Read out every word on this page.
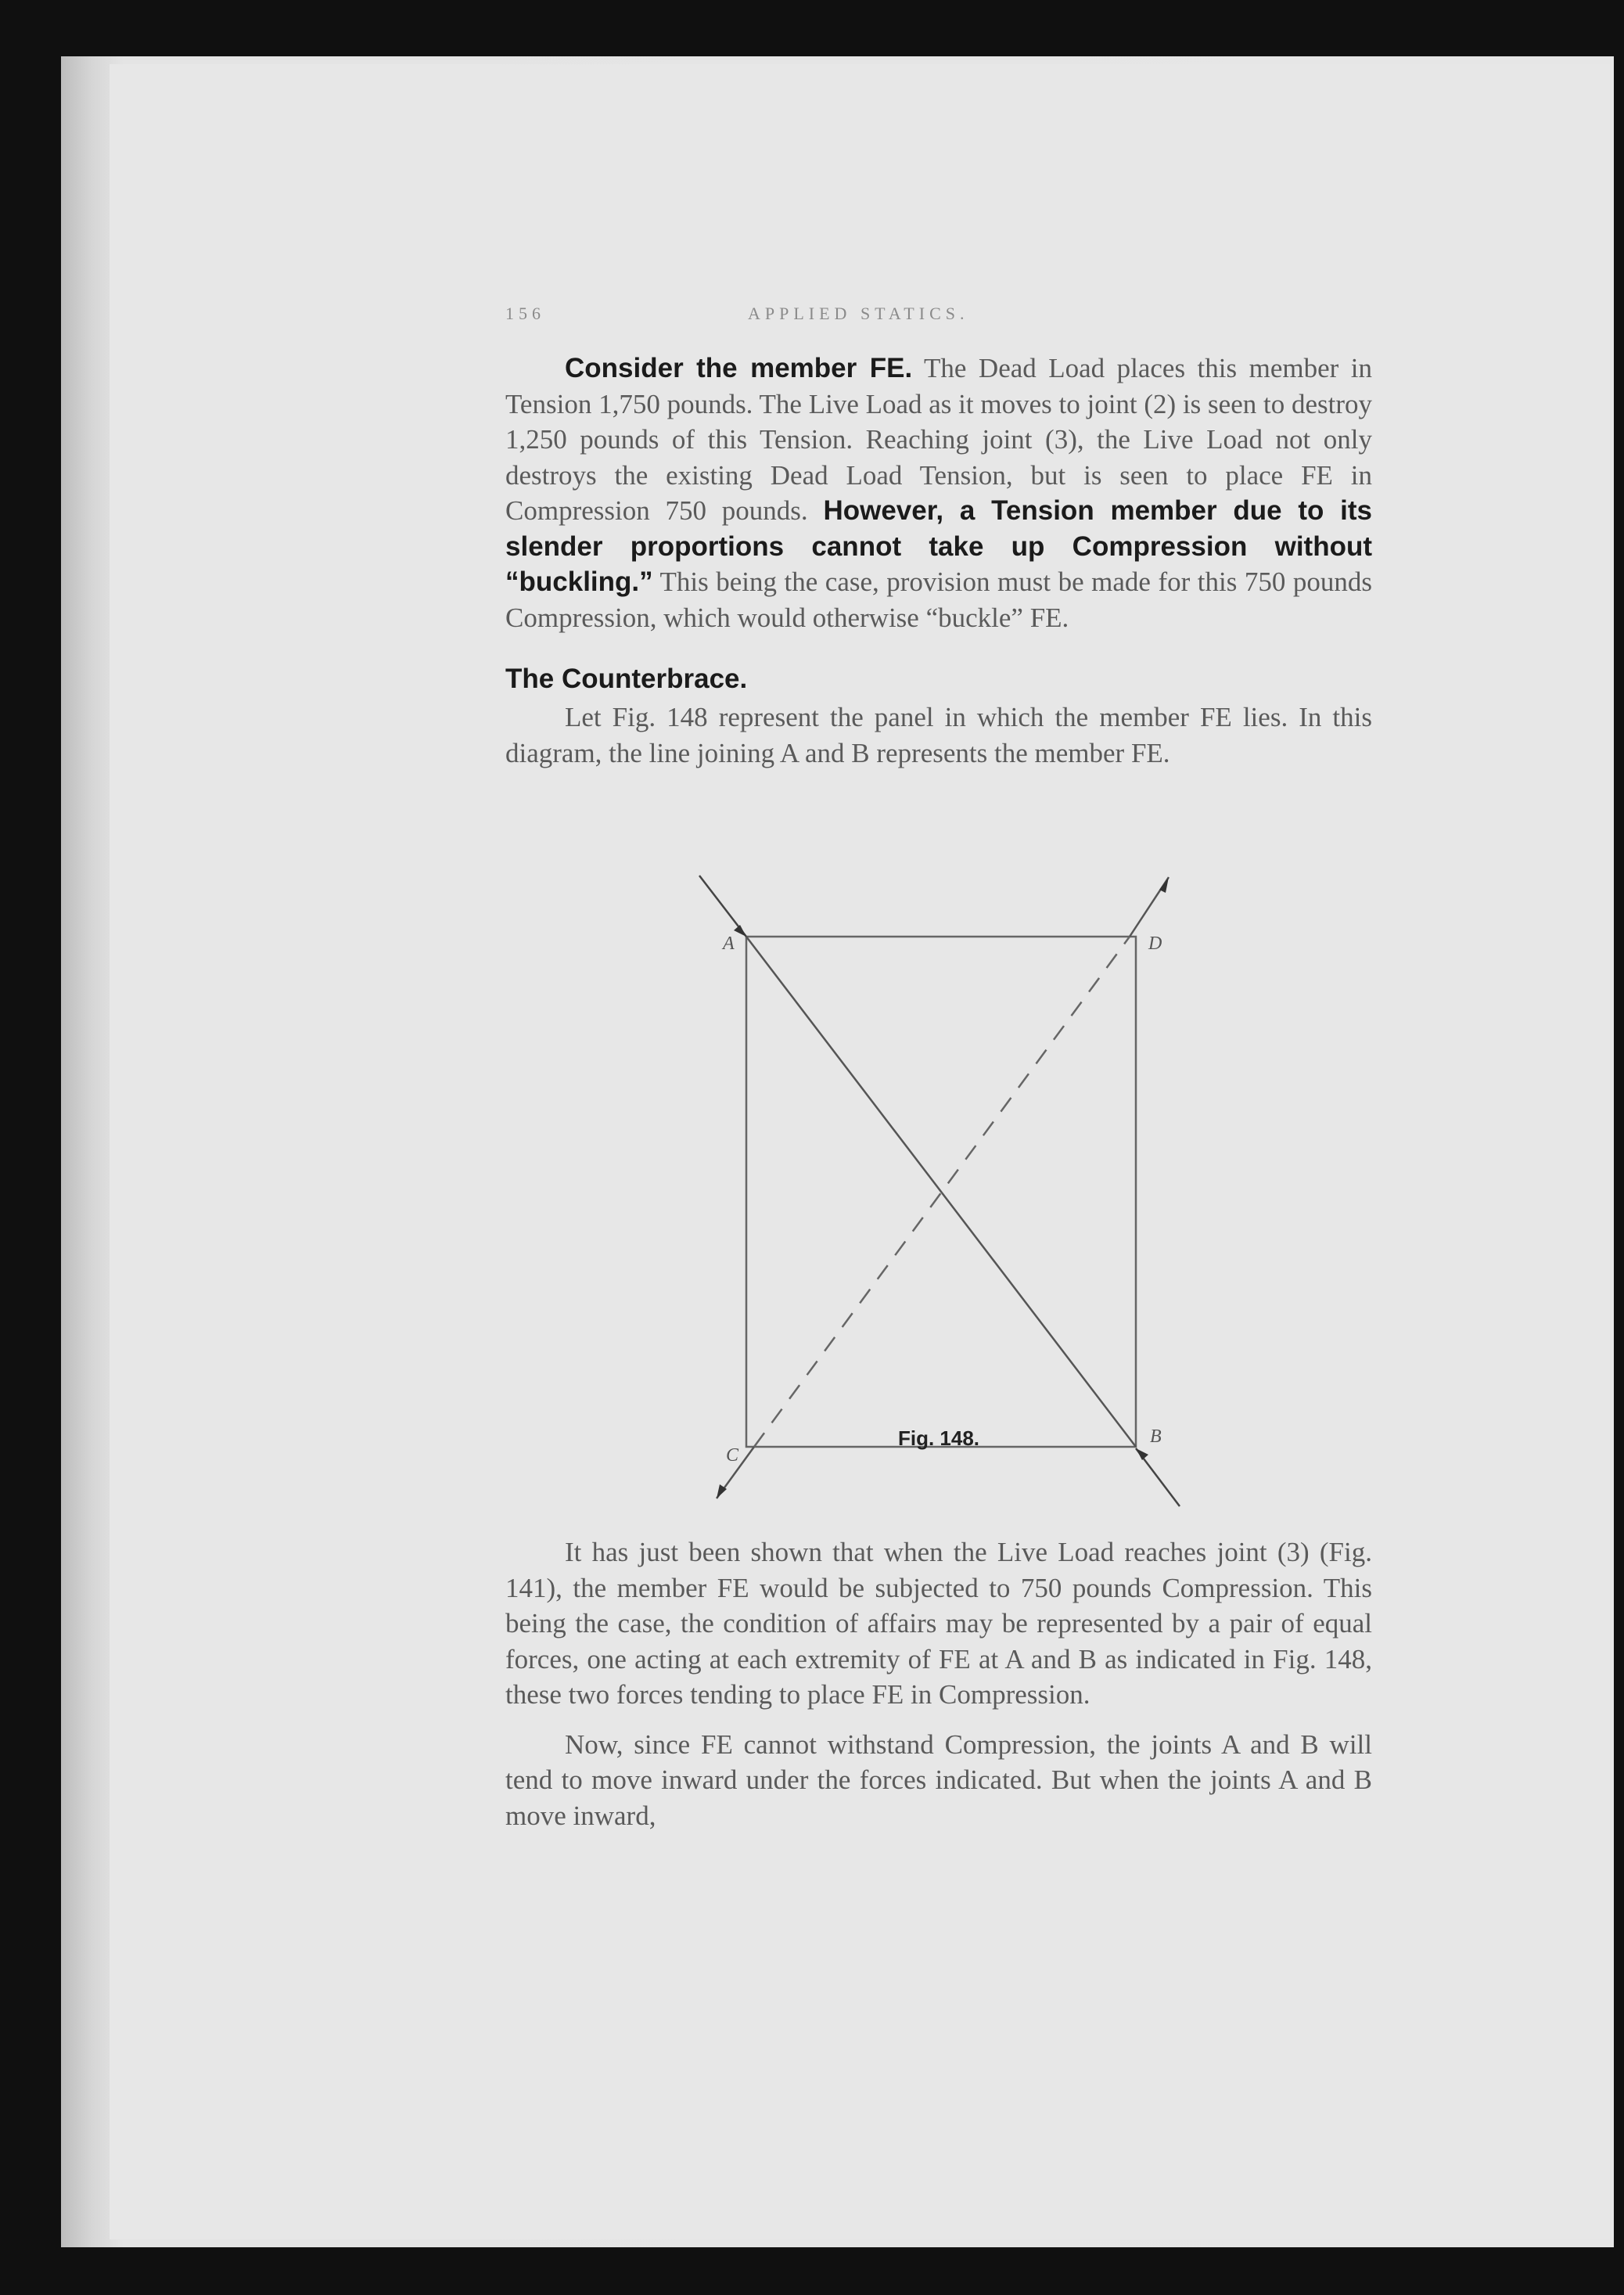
156	APPLIED STATICS.

Consider the member FE. The Dead Load places this member in Tension 1,750 pounds. The Live Load as it moves to joint (2) is seen to destroy 1,250 pounds of this Tension. Reaching joint (3), the Live Load not only destroys the existing Dead Load Tension, but is seen to place FE in Compression 750 pounds. However, a Tension member due to its slender proportions cannot take up Compression without “buckling.” This being the case, provision must be made for this 750 pounds Compression, which would otherwise “buckle” FE.

The Counterbrace.

Let Fig. 148 represent the panel in which the member FE lies. In this diagram, the line joining A and B represents the member FE.

A	D
C
B
Fig. 148.

It has just been shown that when the Live Load reaches joint (3) (Fig. 141), the member FE would be subjected to 750 pounds Compression. This being the case, the condition of affairs may be represented by a pair of equal forces, one acting at each extremity of FE at A and B as indicated in Fig. 148, these two forces tending to place FE in Compression.

Now, since FE cannot withstand Compression, the joints A and B will tend to move inward under the forces indicated. But when the joints A and B move inward,
